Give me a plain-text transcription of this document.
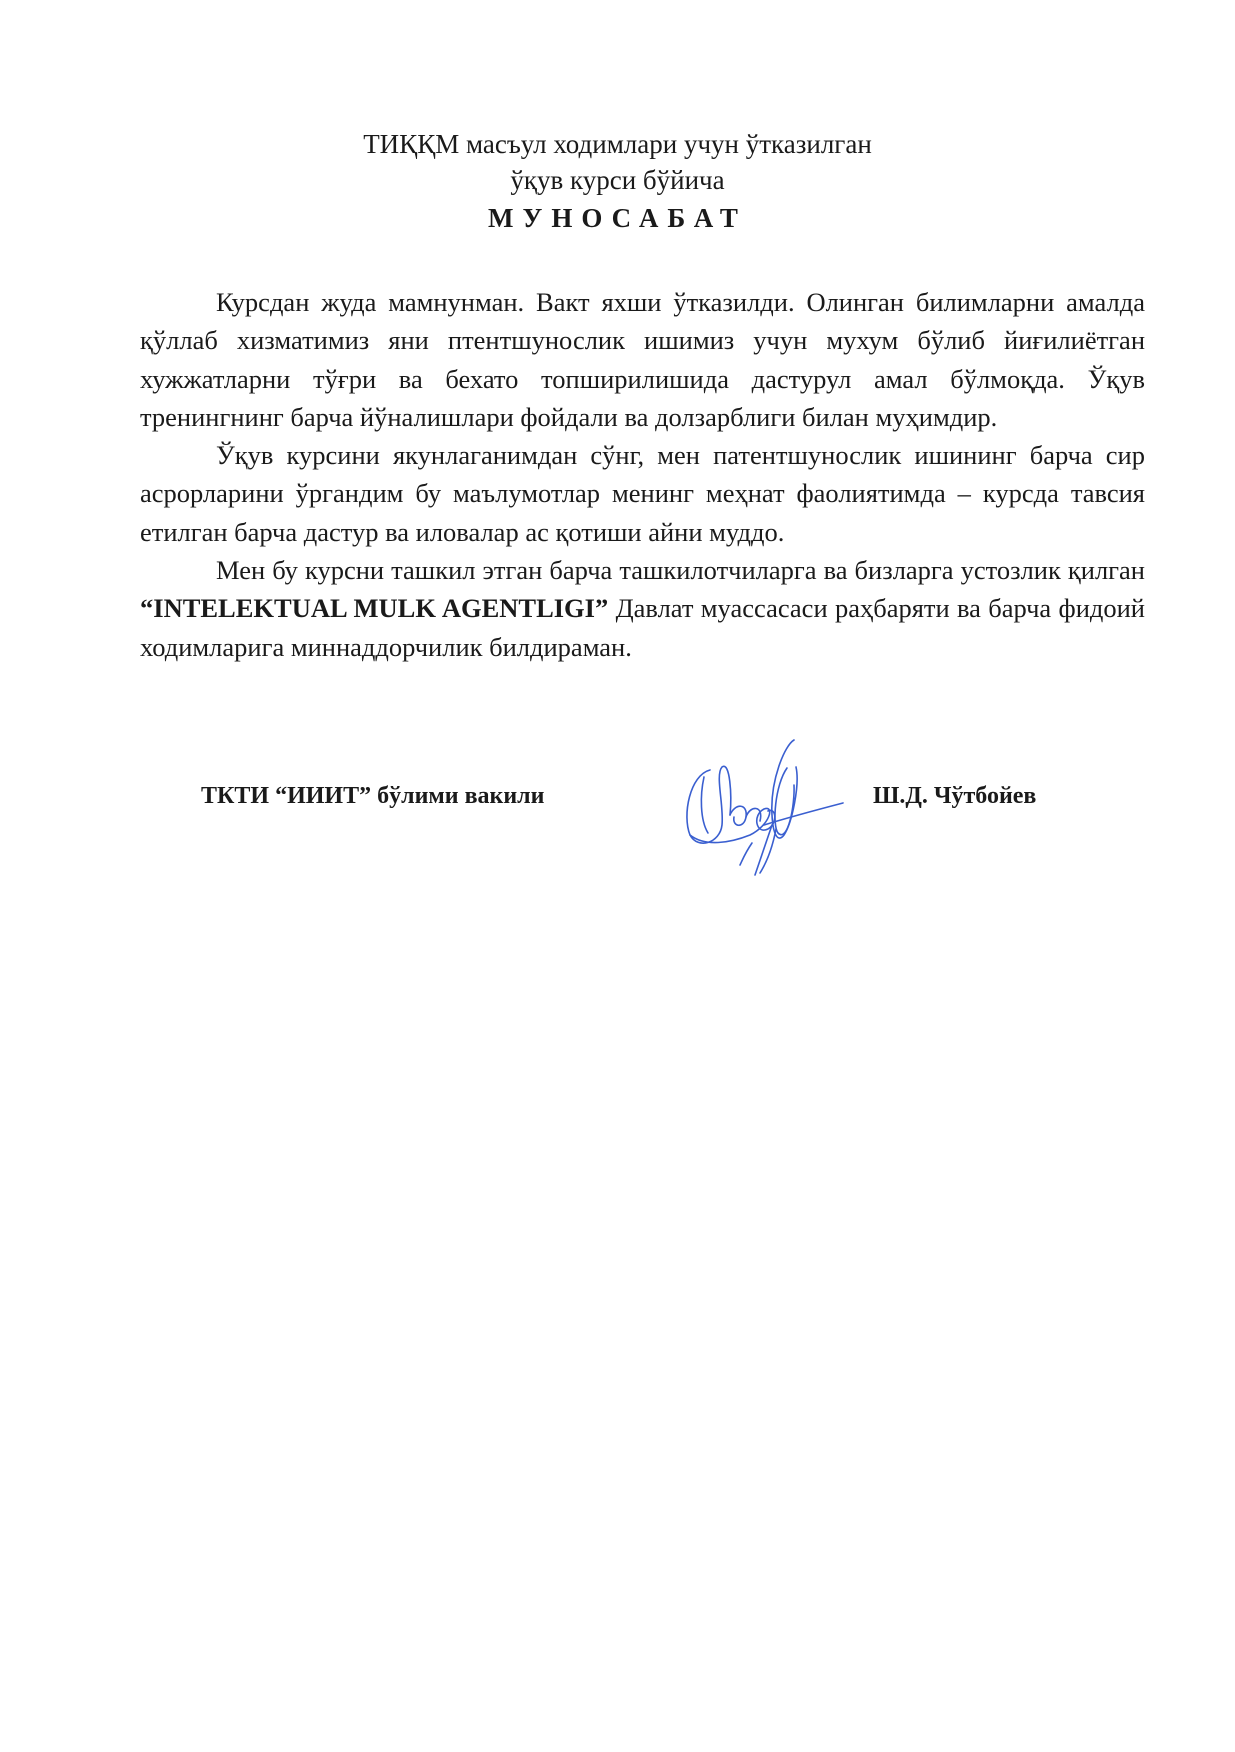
ТИҚҚМ масъул ходимлари учун ўтказилган
ўқув курси бўйича
МУНОСАБАТ

Курсдан жуда мамнунман. Вакт яхши ўтказилди. Олинган билимларни амалда қўллаб хизматимиз яни птентшунослик ишимиз учун мухум бўлиб йиғилиётган хужжатларни тўғри ва бехато топширилишида дастурул амал бўлмоқда. Ўқув тренингнинг барча йўналишлари фойдали ва долзарблиги билан муҳимдир.

Ўқув курсини якунлаганимдан сўнг, мен патентшунослик ишининг барча сир асрорларини ўргандим бу маълумотлар менинг меҳнат фаолиятимда – курсда тавсия етилган барча дастур ва иловалар ас қотиши айни муддо.

Мен бу курсни ташкил этган барча ташкилотчиларга ва бизларга устозлик қилган “INTELEKTUAL MULK AGENTLIGI” Давлат муассасаси раҳбаряти ва барча фидоий ходимларига миннаддорчилик билдираман.

ТКТИ “ИИИТ” бўлими вакили	Ш.Д. Чўтбойев
